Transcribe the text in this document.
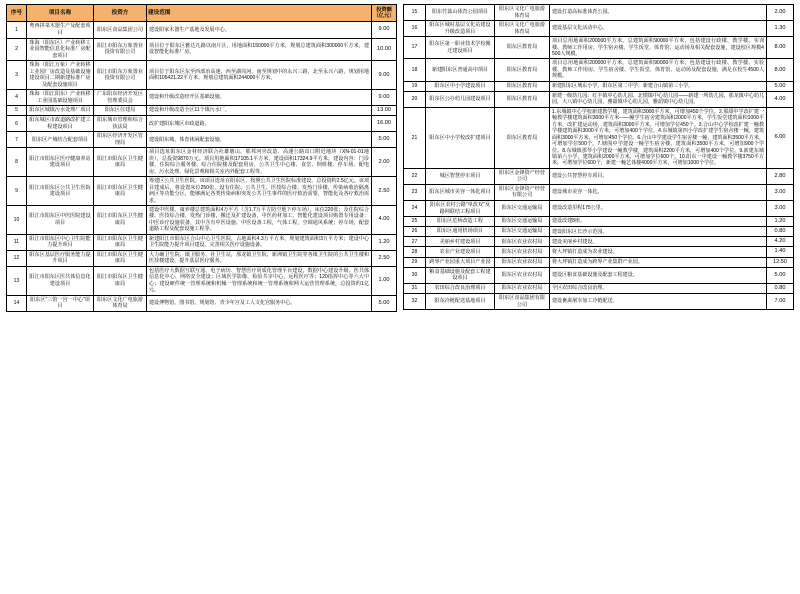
序号	项目名称	投资方	建设范围	投资额（亿元）
1	粤西拼菜木器生产及配套项目	阳东区食品集团公司	建设阳家木器生产基地及发展中心。	9.00
2	珠海（阳东区）产业转移工业园智能信息化标准厂房配套项目	阳江市阳东万象置业投资有限公司	项目位于阳东区雅达凡路以南片区，用地面积150000平方米，规划总建筑面积300000平方米，建设智能化标准厂房。	10.00
3	珠海（阳江万象）产业转移工业园厂房改造及基础设施建设项目二期新建标准厂房及配套设施项目	阳江市阳东万象置业投资有限公司	项目位于阳东区东至西部冶高速、西至湖岗河、南至规划中的永兴三路、北至永兴六路，规划用地面积105421.22平方米，规划总建筑面积244000平方米。	9.00
4	珠海（阳江阳东）产业转移工业园基础设施项目	广东阳东经济开发区管理委员会	建设和升级改造经开区基础设施。	9.00
5	阳东区城镇污水处理厂项目	阳东区住建局	建设和升级改造全区11个镇污水厂。	13.00
6	阳东城区市政道路改扩建工程建设项目	阳东城市管理和综合执法局	改扩建阳东城区市政道路。	16.00
7	阳东区产城结合配套项目	阳东区经济开发区管理局	建设阳东城、体育休闲配套设施。	5.00
8	阳江市阳东区医疗健康养站建设项目	阳江市阳东区卫生健康局	项目选址阳东区金材经济联合社雄塘山、那邦河旁改造、高速公路出口附近地块（XN-01-01地块），总投资9870万元。项目用地面积17105.1平方米，建设面积17324.9平方米，建设内容：门诊楼、住院综合服务楼、综合住院楼及配套用房，公共卫生中心楼、食堂、倒班楼、停车场、配电房、污水处理、绿化景观和相关室内外配套工程等。	2.00
9	阳江市阳东区公共卫生医院建设项目	阳江市阳东区卫生健康局	筹建区公共卫生医院。该项目选址在阳东区，按照公共卫生医院标准建设，总投资约2.5亿元。该项目建成后，将设置床位250张，设有住院、公共卫生、医技综合楼、发热门诊楼，传染病收治隔离病区等功能分区，能够满足各类传染病和突发公共卫生事件的医疗救治需要，智能化及各疗救治需求。	2.50
10	阳江市阳东区中医医院建设项目	阳江市阳东区卫生健康局	建设中医楼、康养楼总建筑面积4万平方（含1.7万平方防空地下停车场），床位220张；及住院综合楼、医技综合楼、发热门诊楼，搬迁及扩建设备，中医药材加工，智能化建设项目购置专用设备：中医诊疗设施装备，其中含有中医设施、中医设备工程，气体工程，空调通风系统；停车场，配套道路工程及配套设施工程等。	4.00
11	阳江市阳东区中心卫生院能力提升项目	阳江市阳东区卫生健康局	新建阳江市阳东区合山中心卫生医院，占地面积4.3万平方米，规划建筑面积3万平方米；建设中心卫生院能力提升项目建设，完善相关医疗设施设备。	1.20
12	阳东区基层医疗服务能力提升项目	阳江市阳东区卫生健康局	大力确卫生院、镇卫服务、社卫生站，那龙镇卫生院、新洲镇卫生院等各镇卫生院的公共卫生楼和医技楼建设，提升基层医疗服务。	2.50
13	阳江市阳东区医共体信息化建设项目	阳江市阳东区卫生健康局	包括医疗大数据互联互通、电子病历、智慧医疗同质化管理平台建设，数据中心建设升级、医共体信息化中心、网络安全建设；区域医学影像、检验共享中心，远程医疗等；120指挥中心等六大中心；建设硬件统一管理系统和机械一管理系统和统一管理系统和网大运营管理系统，总投资约1亿元。	1.00
14	阳东区"三馆一宫一中心"项目	阳东区文化广电旅游体育局	建设博物馆、图书馆、规划馆、青少年宫及工人文化宫服务中心。	5.00
15	阳东竹篙山体育公园项目	阳东区文化广电旅游体育局	建设打造高标准体育公园。	2.00
16	阳东区城村基层文化站建设升级改造项目	阳东区文化广电旅游体育局	建设基层文化活动中心。	1.30
17	阳东区第一职业技术学校搬迁建设项目	阳东区教育局	项目总用地面积200000平方米，总建筑面积90000平方米，包括建设行政楼、教学楼、实训楼、教师工作用房、学生宿舍楼、学生饭堂、体育馆、运动场及相关配套设施，建设校区规模4500人规模。	8.00
18	新建阳东区普通高中项目	阳东区教育局	项目总用地面积200000平方米，总建筑面积90000平方米，包括建设行政楼、教学楼、实验楼、教师工作用房、学生宿舍楼、学生饭堂、体育馆、运动场及配套设施，满足在校生4500人规模。	8.00
19	阳东区中小学建设项目	阳东区教育局	新建阳东区城东小学、阳东区第二中学；新建合山镇第三小学。	5.00
20	阳东区公办幼儿园建设项目	阳东区教育局	新建一级幼儿园：红丰镇中心幼儿园、北惯镇中心幼儿园——新建一所幼儿园，那龙镇中心幼儿园，大八镇中心幼儿园，雅韶镇中心幼儿园，雅韶镇中心幼儿园。	4.00
21	阳东区中小学校改扩建项目	阳东区教育局	1.东城镇中心学校新建教学楼，建筑面积3000平方米，可增加450个学位。2.那甜中学改扩建一幢教学楼建筑面积3000平方米——幢学生宿舍建筑面积2000平方米，学生饭堂建筑面积1000平方米，改扩建运动场，建筑面积3000平方米，可增加学位450个。3.合山中心学校改扩建一幢教学楼建筑面积3000平方米，可增加400个学位。4.东城镇第四小学改扩建学生宿舍楼一幢，建筑面积3000平方米，可增加450个学位。6.合山中学建设学生宿舍楼一幢，建筑面积3500平方米，可增加学位500个。7.塘围中学建设一幢学生宿舍楼，建筑面积3500平方米，可增加900个学位。8.东城镇那琴小学建设一幢教学楼，建筑面积2200平方米，可增加400个学位。9.新建东城镇第六小学，建筑面积2000平方米，可增加学位600个。10.阳东一中建设一幢教学楼3750平方米，可增加学位600个，新建一幢艺体楼4000平方米，可增加1000个学位。	6.00
22	城区智慧停车项目	阳东区金锋资产经营公司	建设公共智慧停车项目。	2.80
23	阳东区城市美容一体化项目	阳东区金锋资产经营有限公司	建设城市美容一体化。	3.00
24	阳东区农村公路"单改双"及路网联结工程项目	阳东区交通运输局	建设改造里程175公里。	3.00
25	阳东区危桥改造工程	阳东区交通运输局	建设改建8座。	1.20
26	阳东区通用机场项目	阳东区交通运输局	建设阳东区长沙示范园。	0.80
27	美丽乡村建设项目	阳东区农业农村局	建设美丽乡村建设。	4.20
28	农业产业建设项目	阳东区农业农村局	将大坪镇打造成为农业建设。	1.40
29	跨界产业园重大项目产业园	阳东区农业农村局	将大坪镇打造成为跨界产业集群产业园。	12.50
30	粮食基础设施及配套工程建设项目	阳东区农业农村局	建设区粮食基础设施及配套工程建设。	5.00
31	农田综合改良治理项目	阳东区农业农村局	全区农田综合改良治理。	0.80
32	阳东冷链配送基地项目	阳东区食品集团有限公司	建设畜禽屠宰加工冷链配送。	7.00
